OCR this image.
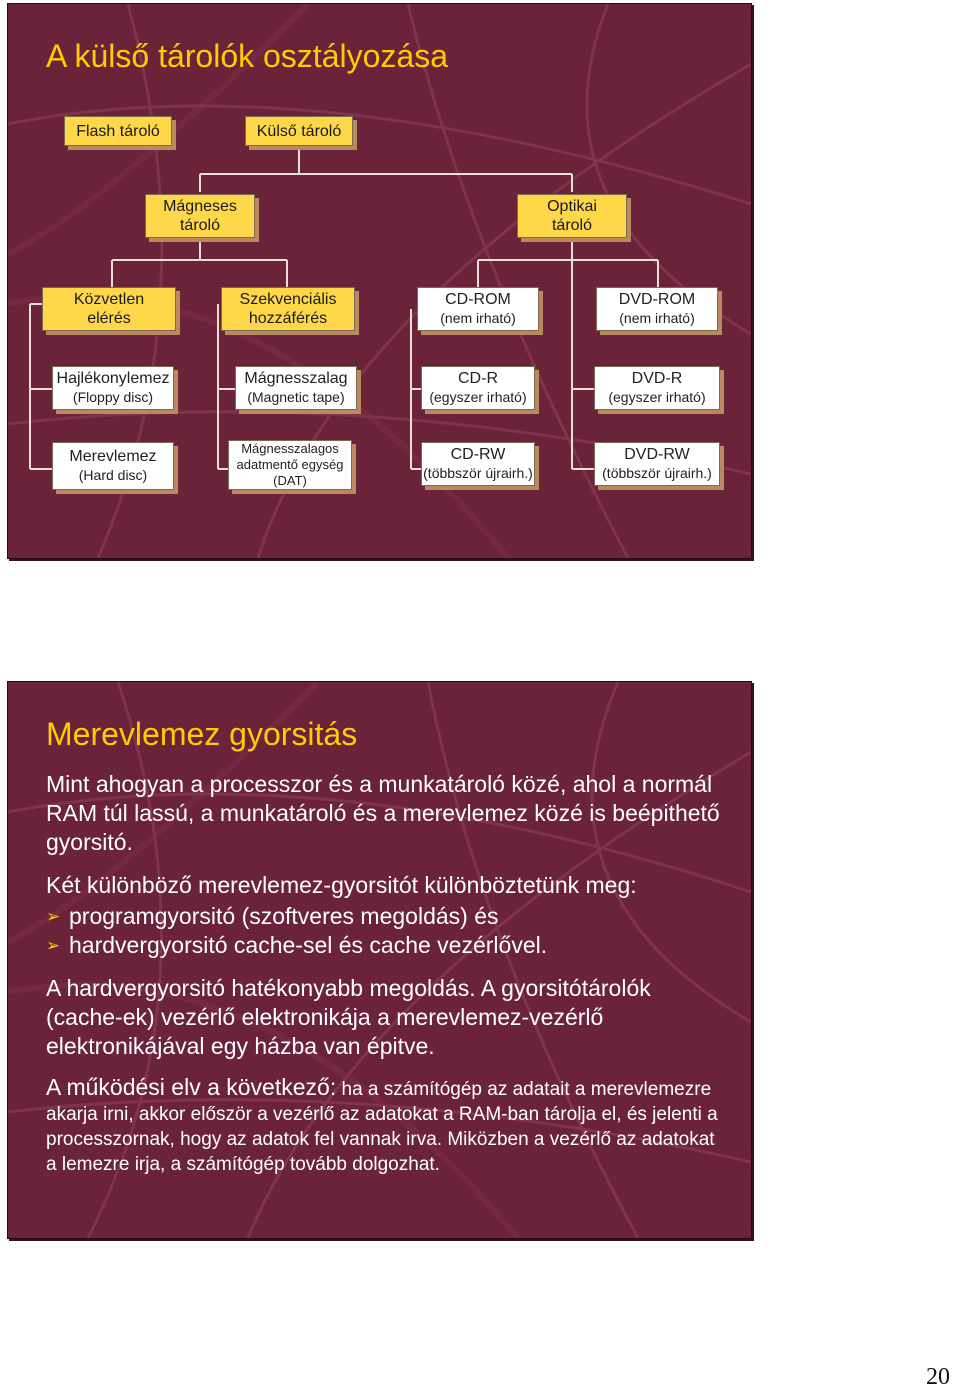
A külső tárolók osztályozása
Flash tároló	Külső tároló
Mágneses
tároló
Optikai
tároló
Közvetlen
elérés
Szekvenciális
hozzáférés
CD-ROM
(nem irható)
DVD-ROM
(nem irható)
Hajlékonylemez
(Floppy disc)
Mágnesszalag
(Magnetic tape)
CD-R
(egyszer irható)
DVD-R
(egyszer irható)
Merevlemez
(Hard disc)
Mágnesszalagos
adatmentő egység
(DAT)
CD-RW
(többször újrairh.)
DVD-RW
(többször újrairh.)
Merevlemez gyorsitás

Mint ahogyan a processzor és a munkatároló közé, ahol a normál RAM túl lassú, a munkatároló és a merevlemez közé is beépithető gyorsitó.

Két különböző merevlemez-gyorsitót különböztetünk meg:

➢ programgyorsitó (szoftveres megoldás) és

➢ hardvergyorsitó cache-sel és cache vezérlővel.

A hardvergyorsitó hatékonyabb megoldás. A gyorsitótárolók (cache-ek) vezérlő elektronikája a merevlemez-vezérlő elektronikájával egy házba van épitve.

A működési elv a következő: ha a számítógép az adatait a merevlemezre akarja irni, akkor először a vezérlő az adatokat a RAM-ban tárolja el, és jelenti a processzornak, hogy az adatok fel vannak irva. Miközben a vezérlő az adatokat a lemezre irja, a számítógép tovább dolgozhat.

20
